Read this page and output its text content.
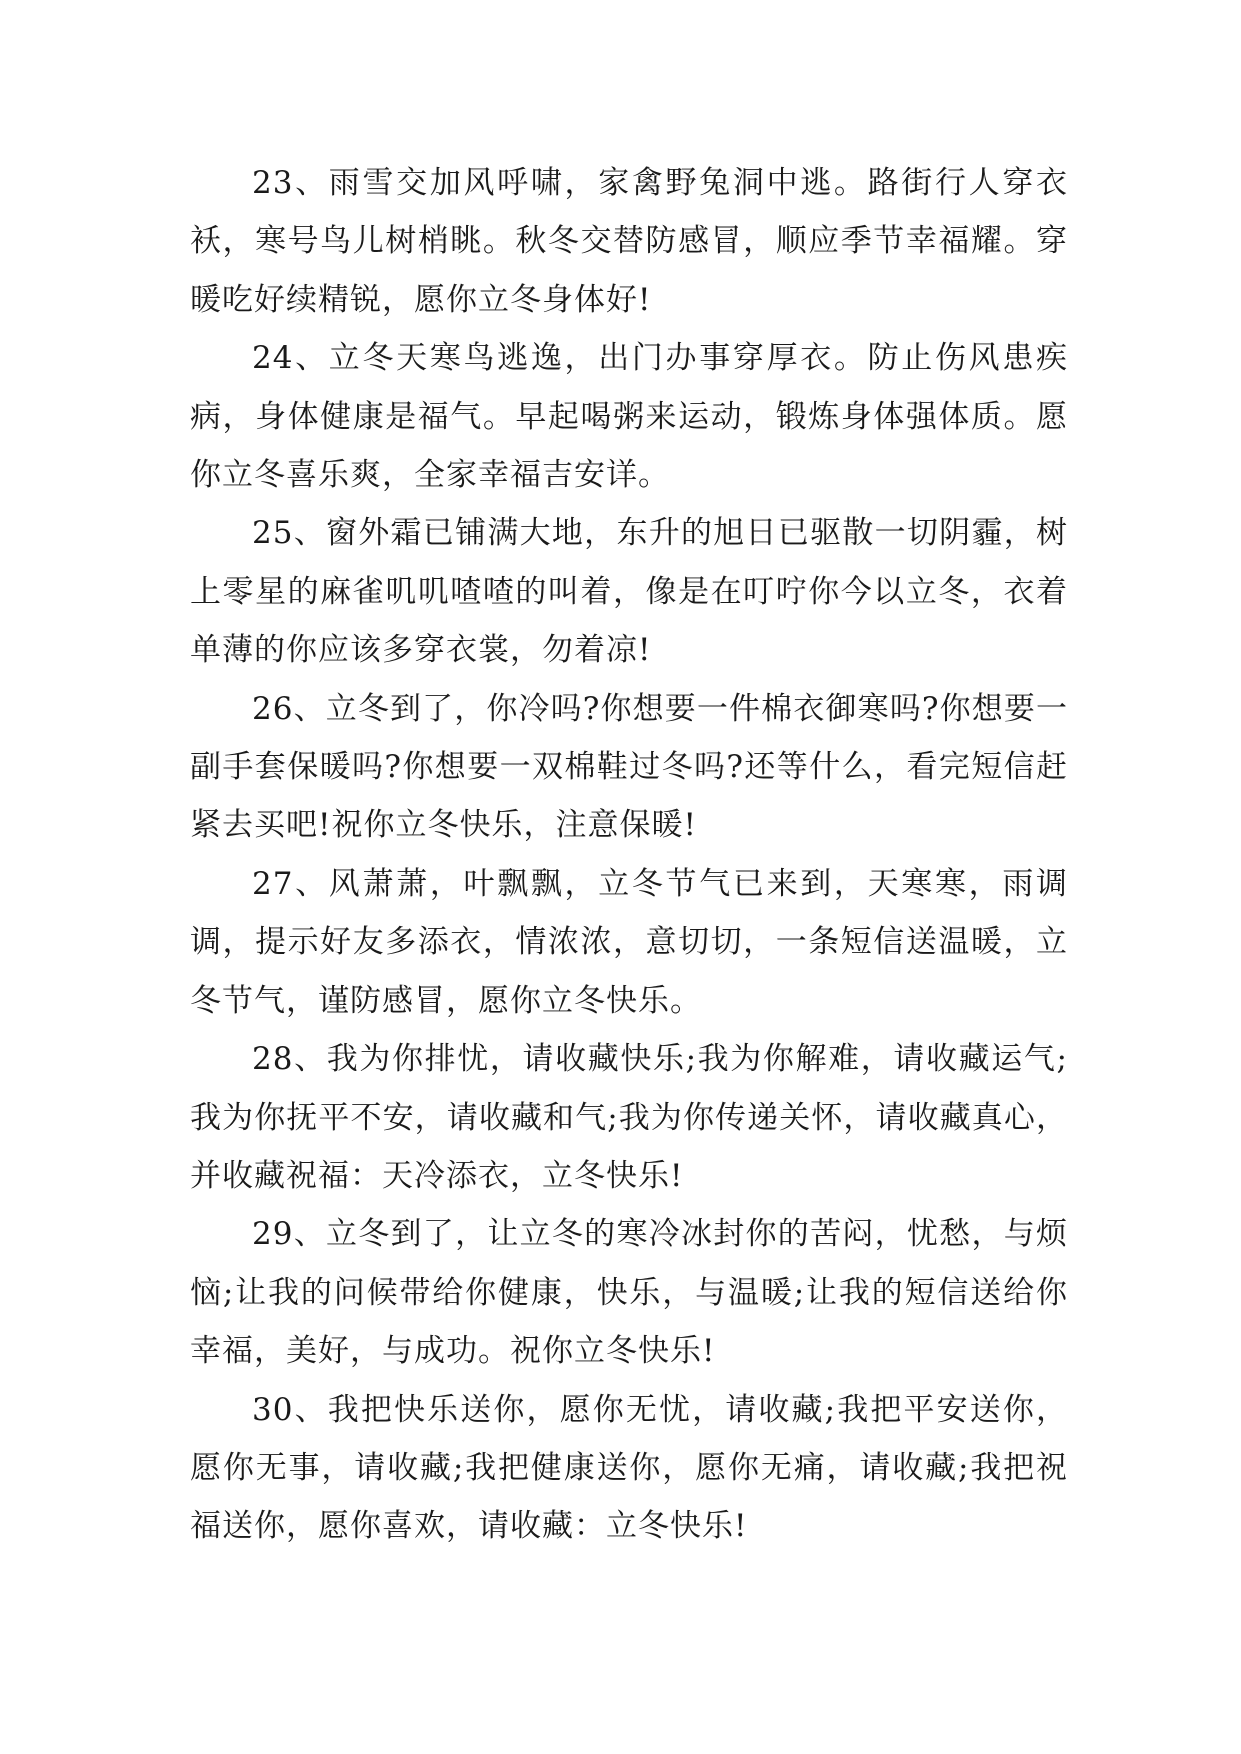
23、雨雪交加风呼啸，家禽野兔洞中逃。路街行人穿衣袄，寒号鸟儿树梢眺。秋冬交替防感冒，顺应季节幸福耀。穿暖吃好续精锐，愿你立冬身体好!

24、立冬天寒鸟逃逸，出门办事穿厚衣。防止伤风患疾病，身体健康是福气。早起喝粥来运动，锻炼身体强体质。愿你立冬喜乐爽，全家幸福吉安详。

25、窗外霜已铺满大地，东升的旭日已驱散一切阴霾，树上零星的麻雀叽叽喳喳的叫着，像是在叮咛你今以立冬，衣着单薄的你应该多穿衣裳，勿着凉!

26、立冬到了，你冷吗?你想要一件棉衣御寒吗?你想要一副手套保暖吗?你想要一双棉鞋过冬吗?还等什么，看完短信赶紧去买吧!祝你立冬快乐，注意保暖!

27、风萧萧，叶飘飘，立冬节气已来到，天寒寒，雨调调，提示好友多添衣，情浓浓，意切切，一条短信送温暖，立冬节气，谨防感冒，愿你立冬快乐。

28、我为你排忧，请收藏快乐;我为你解难，请收藏运气;我为你抚平不安，请收藏和气;我为你传递关怀，请收藏真心，并收藏祝福：天冷添衣，立冬快乐!

29、立冬到了，让立冬的寒冷冰封你的苦闷，忧愁，与烦恼;让我的问候带给你健康，快乐，与温暖;让我的短信送给你幸福，美好，与成功。祝你立冬快乐!

30、我把快乐送你，愿你无忧，请收藏;我把平安送你，愿你无事，请收藏;我把健康送你，愿你无痛，请收藏;我把祝福送你，愿你喜欢，请收藏：立冬快乐!
